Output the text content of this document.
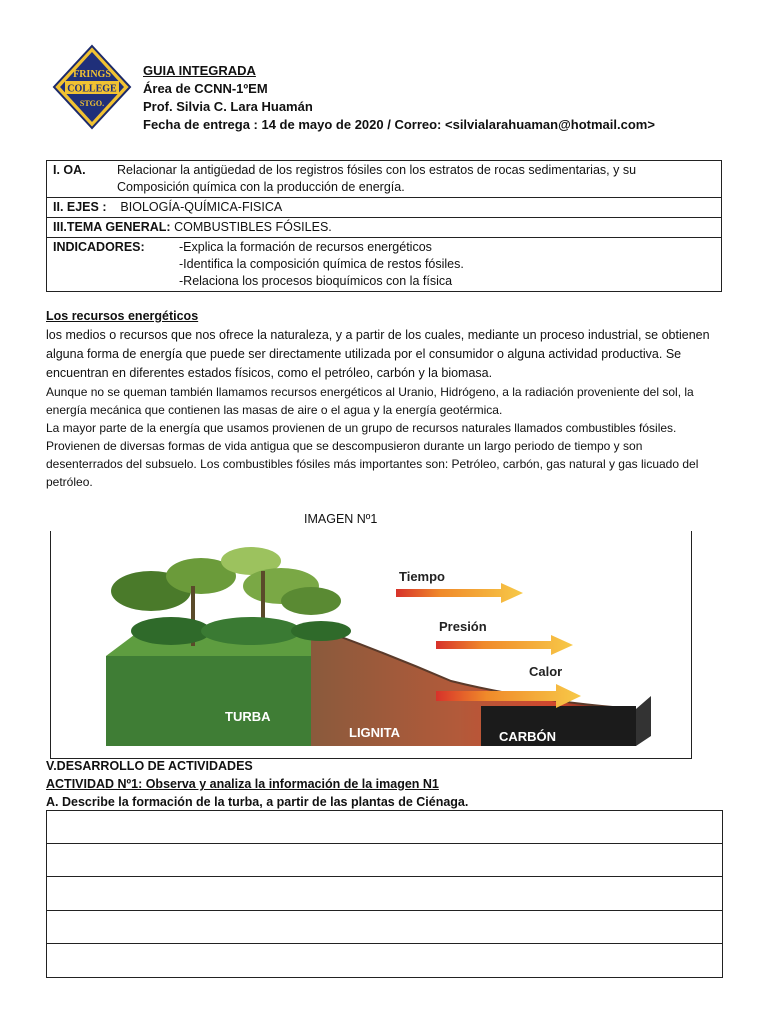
FRINGS
COLLEGE
STGO.
GUIA INTEGRADA
Área de CCNN-1ºEM
Prof. Silvia C. Lara Huamán
Fecha de entrega : 14 de mayo de 2020 / Correo: <silvialarahuaman@hotmail.com>
I. OA.	Relacionar la antigüedad de los registros fósiles con los estratos de rocas sedimentarias, y su
Composición química con la producción de energía.

II. EJES : BIOLOGÍA-QUÍMICA-FISICA
III.TEMA GENERAL: COMBUSTIBLES FÓSILES.

INDICADORES:	-Explica la formación de recursos energéticos
-Identifica la composición química de restos fósiles.
-Relaciona los procesos bioquímicos con la física

Los recursos energéticos

los medios o recursos que nos ofrece la naturaleza, y a partir de los cuales, mediante un proceso industrial, se obtienen alguna forma de energía que puede ser directamente utilizada por el consumidor o alguna actividad productiva. Se encuentran en diferentes estados físicos, como el petróleo, carbón y la biomasa.

Aunque no se queman también llamamos recursos energéticos al Uranio, Hidrógeno, a la radiación proveniente del sol, la energía mecánica que contienen las masas de aire o el agua y la energía geotérmica.

La mayor parte de la energía que usamos provienen de un grupo de recursos naturales llamados combustibles fósiles. Provienen de diversas formas de vida antigua que se descompusieron durante un largo periodo de tiempo y son desenterrados del subsuelo. Los combustibles fósiles más importantes son: Petróleo, carbón, gas natural y gas licuado del petróleo.

IMAGEN Nº1
Tiempo
Presión
Calor
TURBA
LIGNITA	CARBÓN
V.DESARROLLO DE ACTIVIDADES
ACTIVIDAD Nº1: Observa y analiza la información de la imagen N1
A. Describe la formación de la turba, a partir de las plantas de Ciénaga.
